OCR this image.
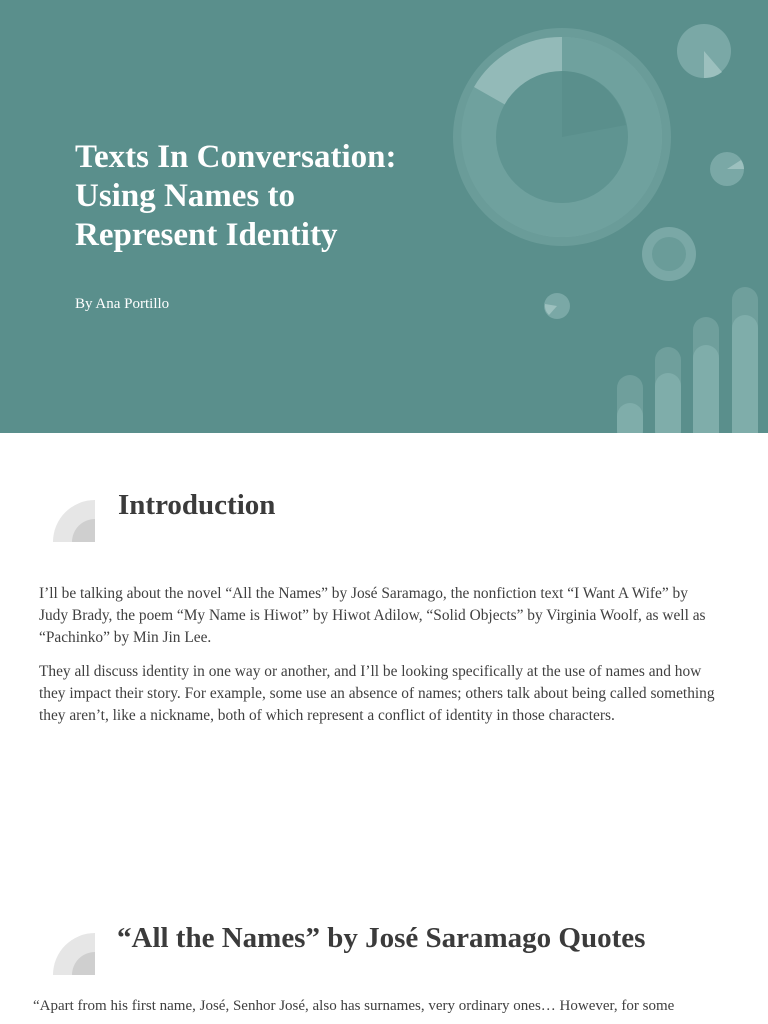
Texts In Conversation:
Using Names to
Represent Identity

By Ana Portillo

Introduction

I’ll be talking about the novel “All the Names” by José Saramago, the nonfiction text “I Want A Wife” by Judy Brady, the poem “My Name is Hiwot” by Hiwot Adilow, “Solid Objects” by Virginia Woolf, as well as “Pachinko” by Min Jin Lee.

They all discuss identity in one way or another, and I’ll be looking specifically at the use of names and how they impact their story. For example, some use an absence of names; others talk about being called something they aren’t, like a nickname, both of which represent a conflict of identity in those characters.

“All the Names” by José Saramago Quotes

“Apart from his first name, José, Senhor José, also has surnames, very ordinary ones… However, for some
